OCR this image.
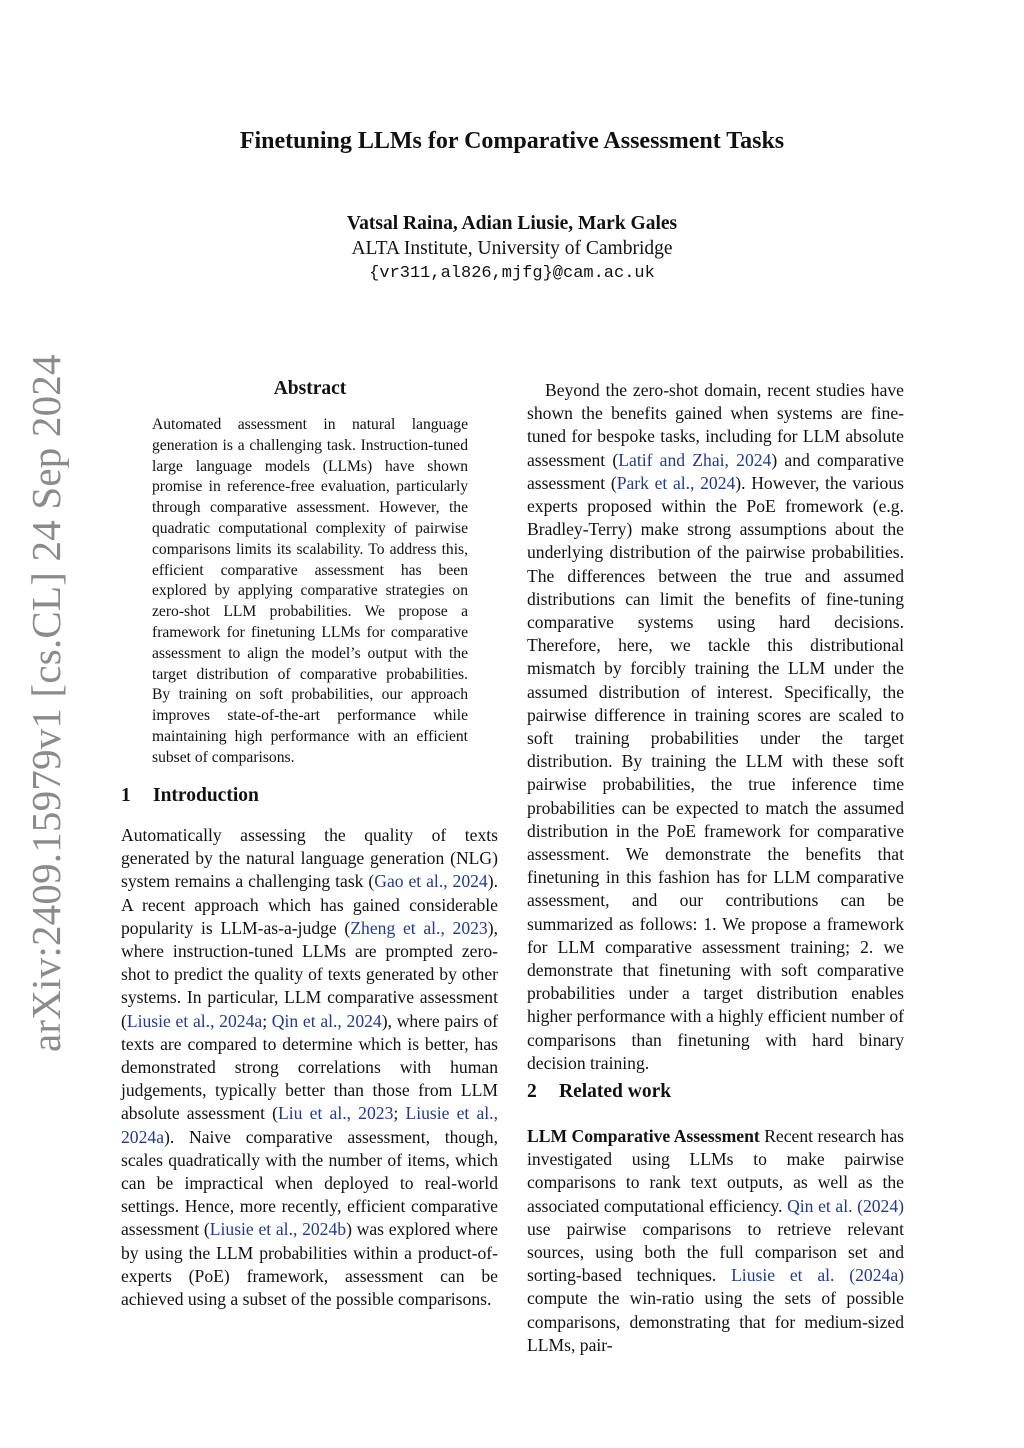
arXiv:2409.15979v1 [cs.CL] 24 Sep 2024
Finetuning LLMs for Comparative Assessment Tasks
Vatsal Raina, Adian Liusie, Mark Gales
ALTA Institute, University of Cambridge
{vr311,al826,mjfg}@cam.ac.uk
Abstract
Automated assessment in natural language generation is a challenging task. Instruction-tuned large language models (LLMs) have shown promise in reference-free evaluation, particularly through comparative assessment. However, the quadratic computational complexity of pairwise comparisons limits its scalability. To address this, efficient comparative assessment has been explored by applying comparative strategies on zero-shot LLM probabilities. We propose a framework for finetuning LLMs for comparative assessment to align the model’s output with the target distribution of comparative probabilities. By training on soft probabilities, our approach improves state-of-the-art performance while maintaining high performance with an efficient subset of comparisons.
1 Introduction

Automatically assessing the quality of texts generated by the natural language generation (NLG) system remains a challenging task (Gao et al., 2024). A recent approach which has gained considerable popularity is LLM-as-a-judge (Zheng et al., 2023), where instruction-tuned LLMs are prompted zero-shot to predict the quality of texts generated by other systems. In particular, LLM comparative assessment (Liusie et al., 2024a; Qin et al., 2024), where pairs of texts are compared to determine which is better, has demonstrated strong correlations with human judgements, typically better than those from LLM absolute assessment (Liu et al., 2023; Liusie et al., 2024a). Naive comparative assessment, though, scales quadratically with the number of items, which can be impractical when deployed to real-world settings. Hence, more recently, efficient comparative assessment (Liusie et al., 2024b) was explored where by using the LLM probabilities within a product-of-experts (PoE) framework, assessment can be achieved using a subset of the possible comparisons.

Beyond the zero-shot domain, recent studies have shown the benefits gained when systems are fine-tuned for bespoke tasks, including for LLM absolute assessment (Latif and Zhai, 2024) and comparative assessment (Park et al., 2024). However, the various experts proposed within the PoE fromework (e.g. Bradley-Terry) make strong assumptions about the underlying distribution of the pairwise probabilities. The differences between the true and assumed distributions can limit the benefits of fine-tuning comparative systems using hard decisions. Therefore, here, we tackle this distributional mismatch by forcibly training the LLM under the assumed distribution of interest. Specifically, the pairwise difference in training scores are scaled to soft training probabilities under the target distribution. By training the LLM with these soft pairwise probabilities, the true inference time probabilities can be expected to match the assumed distribution in the PoE framework for comparative assessment. We demonstrate the benefits that finetuning in this fashion has for LLM comparative assessment, and our contributions can be summarized as follows: 1. We propose a framework for LLM comparative assessment training; 2. we demonstrate that finetuning with soft comparative probabilities under a target distribution enables higher performance with a highly efficient number of comparisons than finetuning with hard binary decision training.

2 Related work

LLM Comparative Assessment Recent research has investigated using LLMs to make pairwise comparisons to rank text outputs, as well as the associated computational efficiency. Qin et al. (2024) use pairwise comparisons to retrieve relevant sources, using both the full comparison set and sorting-based techniques. Liusie et al. (2024a) compute the win-ratio using the sets of possible comparisons, demonstrating that for medium-sized LLMs, pair-
